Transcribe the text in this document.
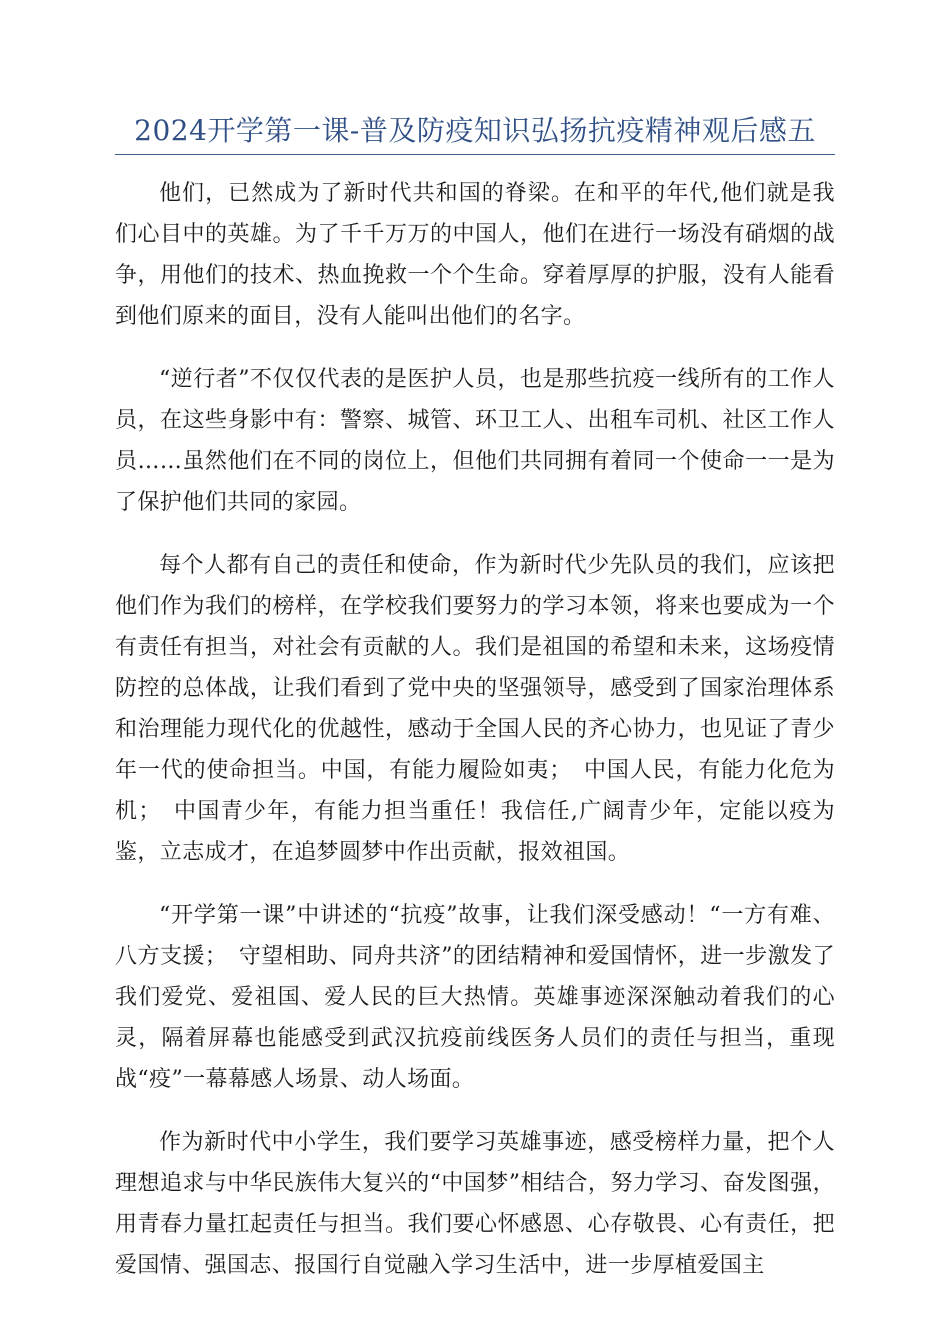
2024开学第一课-普及防疫知识弘扬抗疫精神观后感五

他们，已然成为了新时代共和国的脊梁。在和平的年代,他们就是我们心目中的英雄。为了千千万万的中国人，他们在进行一场没有硝烟的战争，用他们的技术、热血挽救一个个生命。穿着厚厚的护服，没有人能看到他们原来的面目，没有人能叫出他们的名字。

“逆行者”不仅仅代表的是医护人员，也是那些抗疫一线所有的工作人员，在这些身影中有：警察、城管、环卫工人、出租车司机、社区工作人员……虽然他们在不同的岗位上，但他们共同拥有着同一个使命一一是为了保护他们共同的家园。

每个人都有自己的责任和使命，作为新时代少先队员的我们，应该把他们作为我们的榜样，在学校我们要努力的学习本领，将来也要成为一个有责任有担当，对社会有贡献的人。我们是祖国的希望和未来，这场疫情防控的总体战，让我们看到了党中央的坚强领导，感受到了国家治理体系和治理能力现代化的优越性，感动于全国人民的齐心协力，也见证了青少年一代的使命担当。中国，有能力履险如夷；　中国人民，有能力化危为机；　中国青少年，有能力担当重任！我信任,广阔青少年，定能以疫为鉴，立志成才，在追梦圆梦中作出贡献，报效祖国。

“开学第一课”中讲述的“抗疫”故事，让我们深受感动！“一方有难、八方支援；　守望相助、同舟共济”的团结精神和爱国情怀，进一步激发了我们爱党、爱祖国、爱人民的巨大热情。英雄事迹深深触动着我们的心灵，隔着屏幕也能感受到武汉抗疫前线医务人员们的责任与担当，重现战“疫”一幕幕感人场景、动人场面。

作为新时代中小学生，我们要学习英雄事迹，感受榜样力量，把个人理想追求与中华民族伟大复兴的“中国梦”相结合，努力学习、奋发图强，用青春力量扛起责任与担当。我们要心怀感恩、心存敬畏、心有责任，把爱国情、强国志、报国行自觉融入学习生活中，进一步厚植爱国主
